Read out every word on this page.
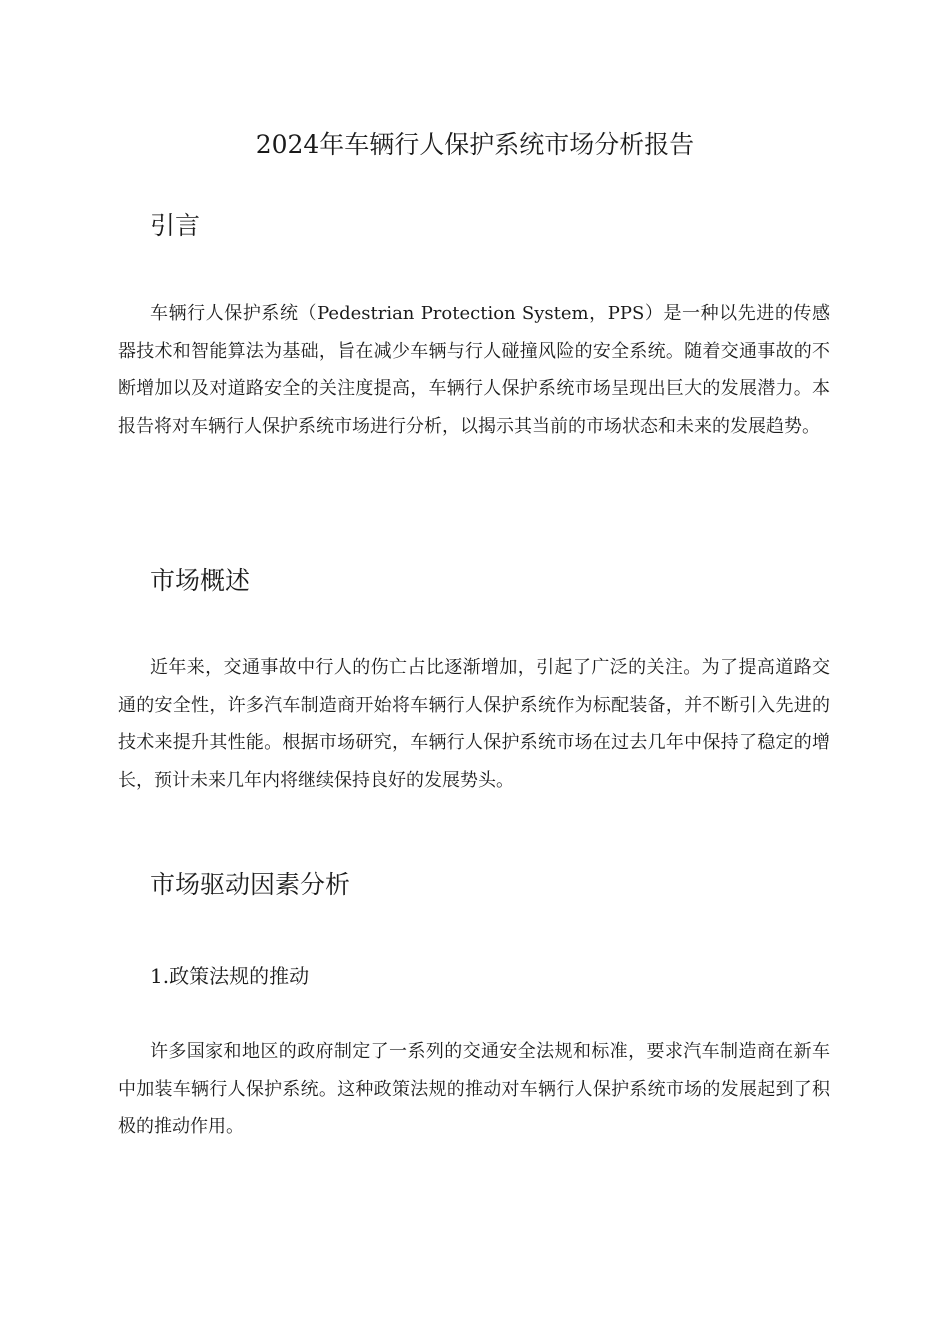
2024年车辆行人保护系统市场分析报告
引言

车辆行人保护系统（Pedestrian Protection System，PPS）是一种以先进的传感器技术和智能算法为基础，旨在减少车辆与行人碰撞风险的安全系统。随着交通事故的不断增加以及对道路安全的关注度提高，车辆行人保护系统市场呈现出巨大的发展潜力。本报告将对车辆行人保护系统市场进行分析，以揭示其当前的市场状态和未来的发展趋势。

市场概述

近年来，交通事故中行人的伤亡占比逐渐增加，引起了广泛的关注。为了提高道路交通的安全性，许多汽车制造商开始将车辆行人保护系统作为标配装备，并不断引入先进的技术来提升其性能。根据市场研究，车辆行人保护系统市场在过去几年中保持了稳定的增长，预计未来几年内将继续保持良好的发展势头。

市场驱动因素分析
1.政策法规的推动

许多国家和地区的政府制定了一系列的交通安全法规和标准，要求汽车制造商在新车中加装车辆行人保护系统。这种政策法规的推动对车辆行人保护系统市场的发展起到了积极的推动作用。
